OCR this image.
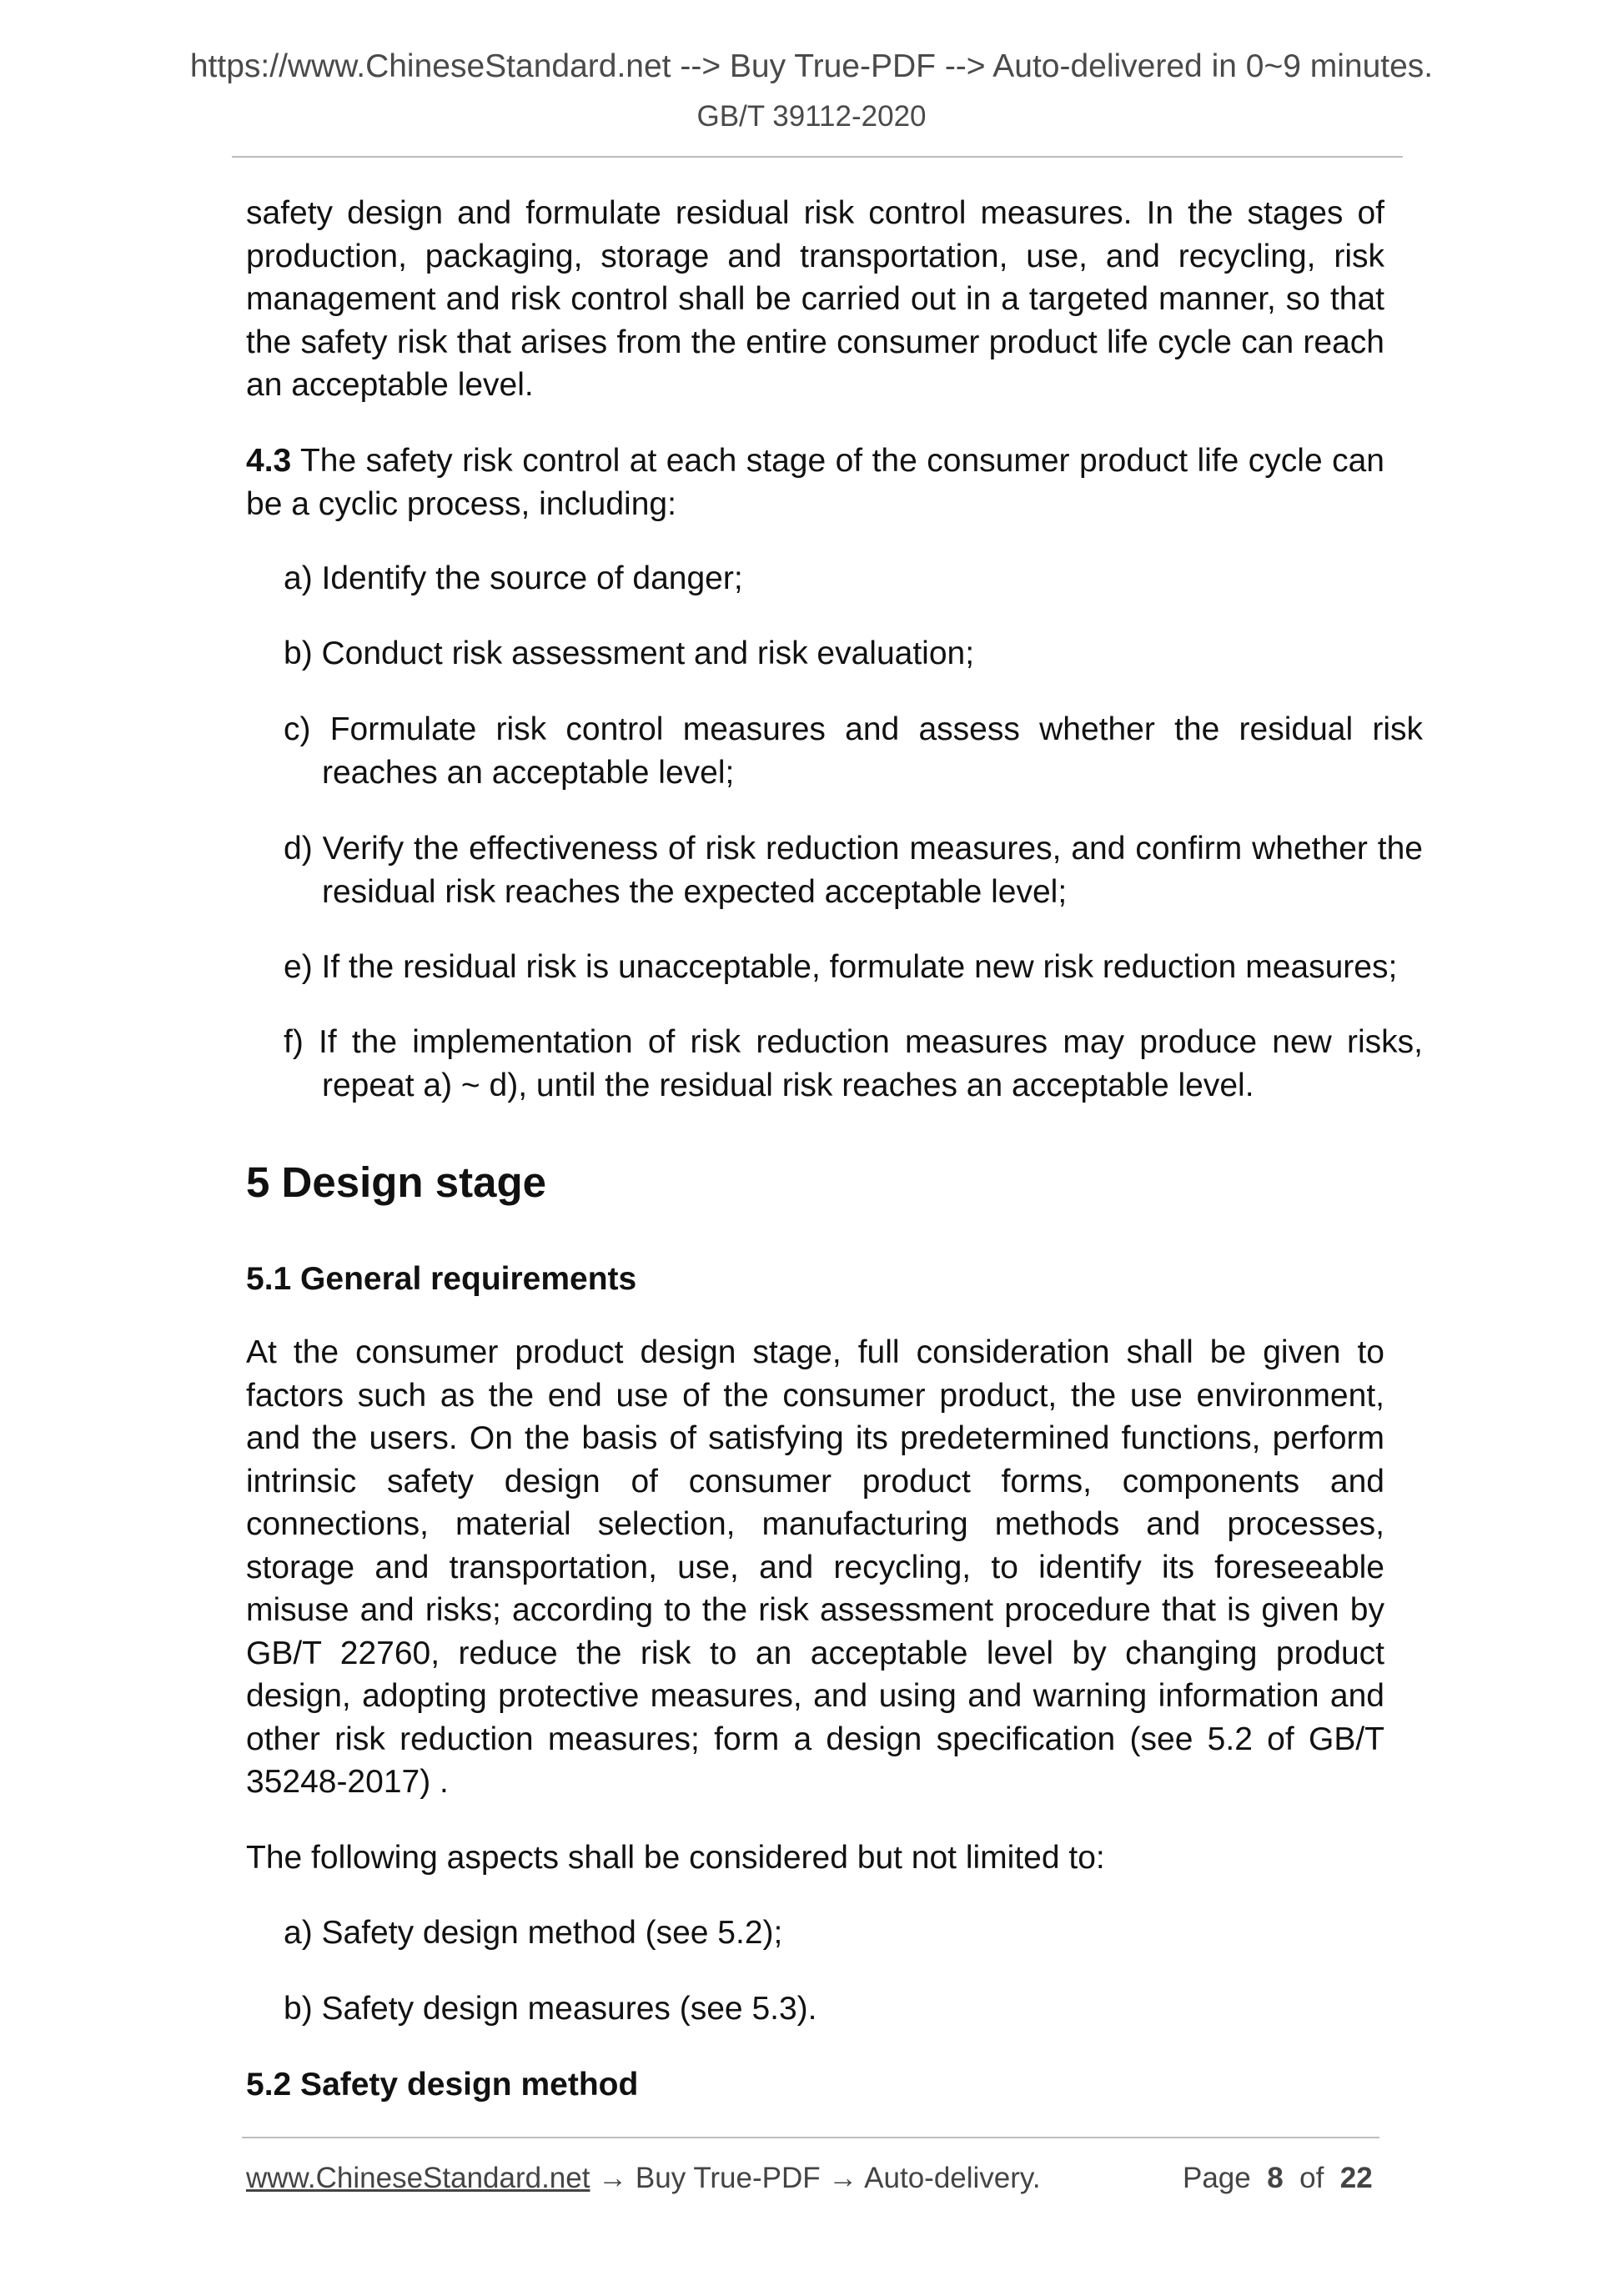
https://www.ChineseStandard.net --> Buy True-PDF --> Auto-delivered in 0~9 minutes.
GB/T 39112-2020
safety design and formulate residual risk control measures. In the stages of production, packaging, storage and transportation, use, and recycling, risk management and risk control shall be carried out in a targeted manner, so that the safety risk that arises from the entire consumer product life cycle can reach an acceptable level.
4.3 The safety risk control at each stage of the consumer product life cycle can be a cyclic process, including:
a) Identify the source of danger;
b) Conduct risk assessment and risk evaluation;
c) Formulate risk control measures and assess whether the residual risk reaches an acceptable level;
d) Verify the effectiveness of risk reduction measures, and confirm whether the residual risk reaches the expected acceptable level;
e) If the residual risk is unacceptable, formulate new risk reduction measures;
f) If the implementation of risk reduction measures may produce new risks, repeat a) ~ d), until the residual risk reaches an acceptable level.
5 Design stage
5.1 General requirements
At the consumer product design stage, full consideration shall be given to factors such as the end use of the consumer product, the use environment, and the users. On the basis of satisfying its predetermined functions, perform intrinsic safety design of consumer product forms, components and connections, material selection, manufacturing methods and processes, storage and transportation, use, and recycling, to identify its foreseeable misuse and risks; according to the risk assessment procedure that is given by GB/T 22760, reduce the risk to an acceptable level by changing product design, adopting protective measures, and using and warning information and other risk reduction measures; form a design specification (see 5.2 of GB/T 35248-2017) .
The following aspects shall be considered but not limited to:
a) Safety design method (see 5.2);
b) Safety design measures (see 5.3).
5.2 Safety design method
www.ChineseStandard.net → Buy True-PDF → Auto-delivery.	Page 8 of 22
